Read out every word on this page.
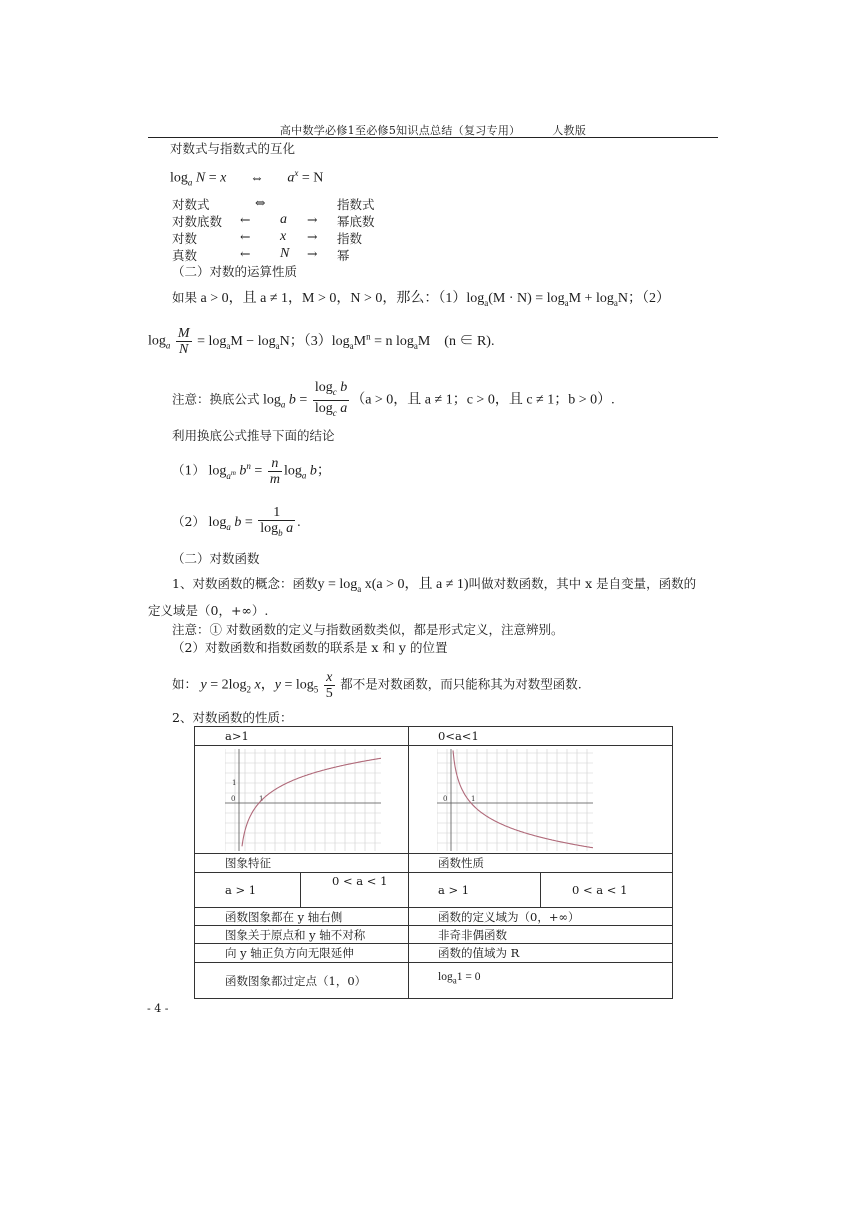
高中数学必修1至必修5知识点总结（复习专用）	人教版
对数式与指数式的互化
$\log_a N = x$ ⇔ $a^x = N$
对数式	⇔	指数式
对数底数 ← a → 幂底数
对数	← x → 指数
真数	← N → 幂
（二）对数的运算性质
如果 a > 0，且 a ≠ 1，M > 0，N > 0，那么：$(1)\log_a(M \cdot N) = \log_aM + \log_aN$；（2）
$\log_a \frac{M}{N} = \log_aM - \log_aN$；$(3)\log_aM^n = n$ $\log_aM$　(n ∈ R).
注意：换底公式 $\log_a b = \frac{\log_c b}{\log_c a} (a > 0$，且 a ≠ 1；c > 0，且 c ≠ 1；b > 0）.
利用换底公式推导下面的结论
（1） $\log_{a^m} b^n = \frac{n}{m} \log_a b$；
（2） $\log_a b = \frac{1}{\log_b a}$ .
（二）对数函数
1、对数函数的概念：函数$y = \log_a x(a > 0$，且 a ≠ 1)叫做对数函数，其中 x 是自变量，函数的
定义域是（0，+∞）.
注意：① 对数函数的定义与指数函数类似，都是形式定义，注意辨别。
（2）对数函数和指数函数的联系是 x 和 y 的位置
如： $y = 2\log_2$ x，$y = \log_5 \frac{x}{5}$ 都不是对数函数，而只能称其为对数型函数.
2、对数函数的性质：
a>1	0<a<1
0	1
1
0	1
图象特征	函数性质
a > 1
0 < a < 1
a > 1	0 < a < 1
函数图象都在 y 轴右侧	函数的定义域为（0，+∞）
图象关于原点和 y 轴不对称	非奇非偶函数
向 y 轴正负方向无限延伸	函数的值域为 R
函数图象都过定点（1，0）	$\log_a1 = 0$
- 4 -
